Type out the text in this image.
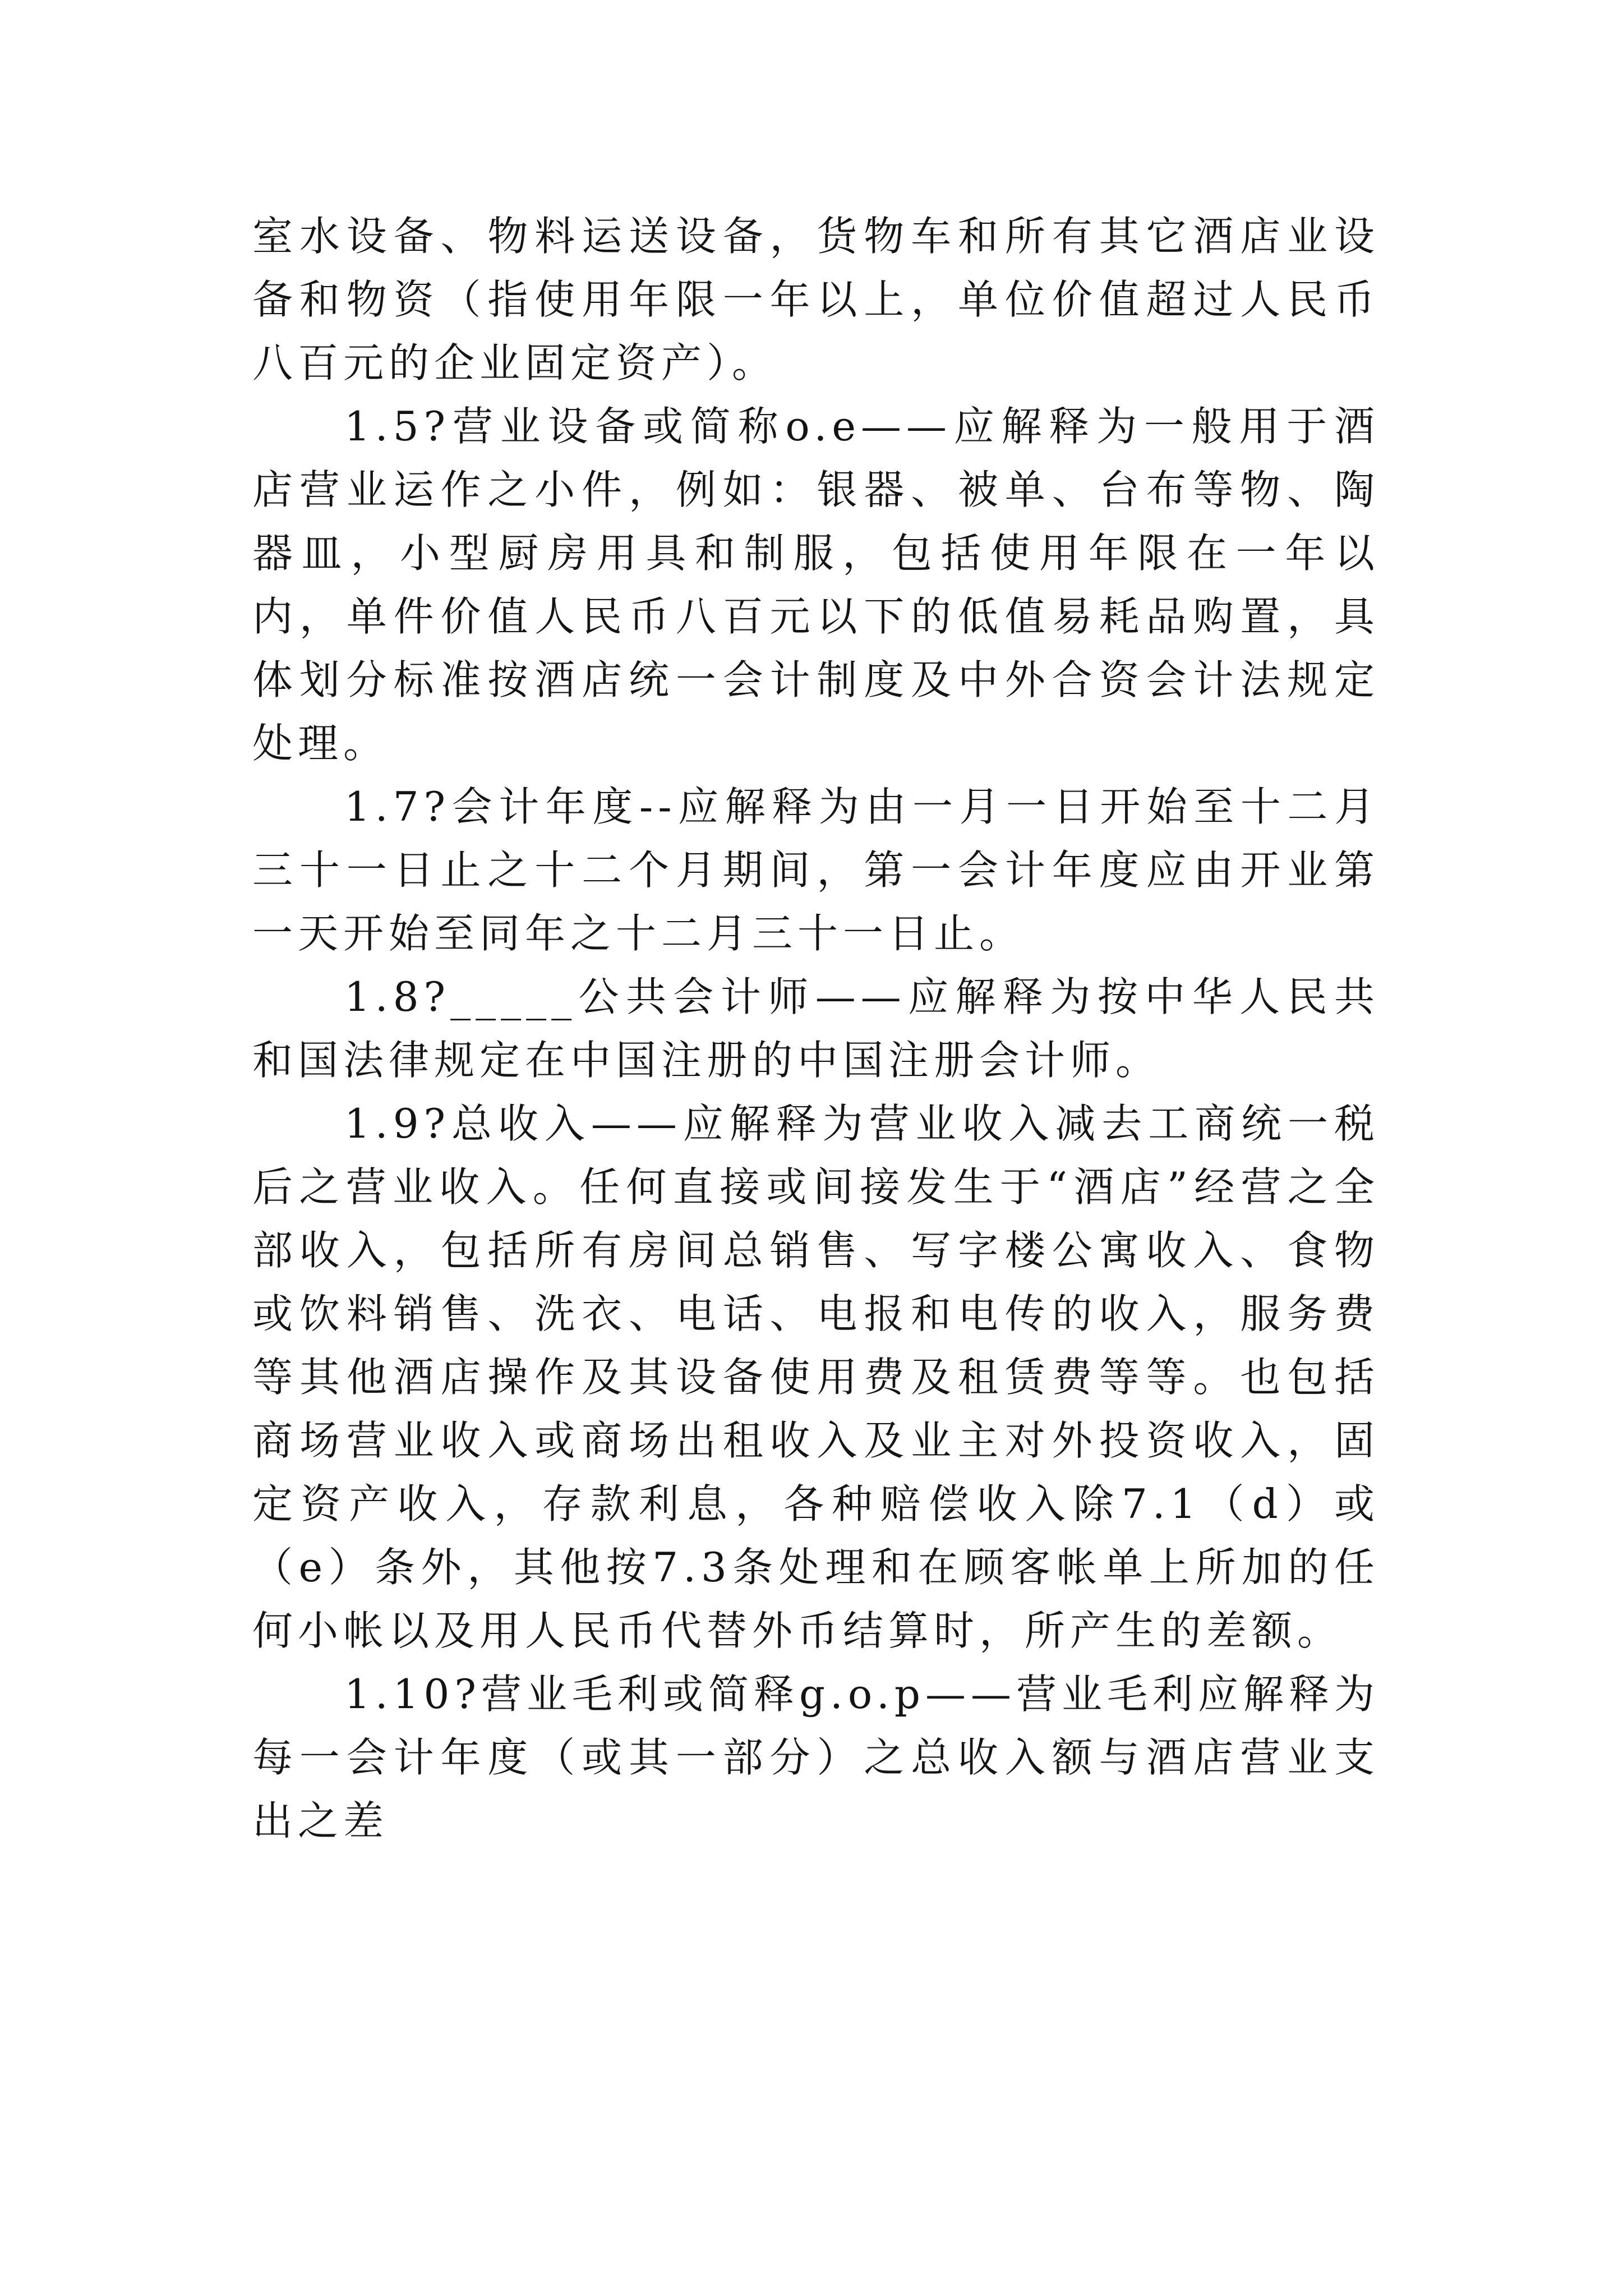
室水设备、物料运送设备，货物车和所有其它酒店业设备和物资（指使用年限一年以上，单位价值超过人民币八百元的企业固定资产）。

1.5?营业设备或简称o.e——应解释为一般用于酒店营业运作之小件，例如：银器、被单、台布等物、陶器皿，小型厨房用具和制服，包括使用年限在一年以内，单件价值人民币八百元以下的低值易耗品购置，具体划分标准按酒店统一会计制度及中外合资会计法规定处理。

1.7?会计年度--应解释为由一月一日开始至十二月三十一日止之十二个月期间，第一会计年度应由开业第一天开始至同年之十二月三十一日止。

1.8?_____公共会计师——应解释为按中华人民共和国法律规定在中国注册的中国注册会计师。

1.9?总收入——应解释为营业收入减去工商统一税后之营业收入。任何直接或间接发生于“酒店”经营之全部收入，包括所有房间总销售、写字楼公寓收入、食物或饮料销售、洗衣、电话、电报和电传的收入，服务费等其他酒店操作及其设备使用费及租赁费等等。也包括商场营业收入或商场出租收入及业主对外投资收入，固定资产收入，存款利息，各种赔偿收入除7.1（d）或（e）条外，其他按7.3条处理和在顾客帐单上所加的任何小帐以及用人民币代替外币结算时，所产生的差额。

1.10?营业毛利或简释g.o.p——营业毛利应解释为每一会计年度（或其一部分）之总收入额与酒店营业支出之差
